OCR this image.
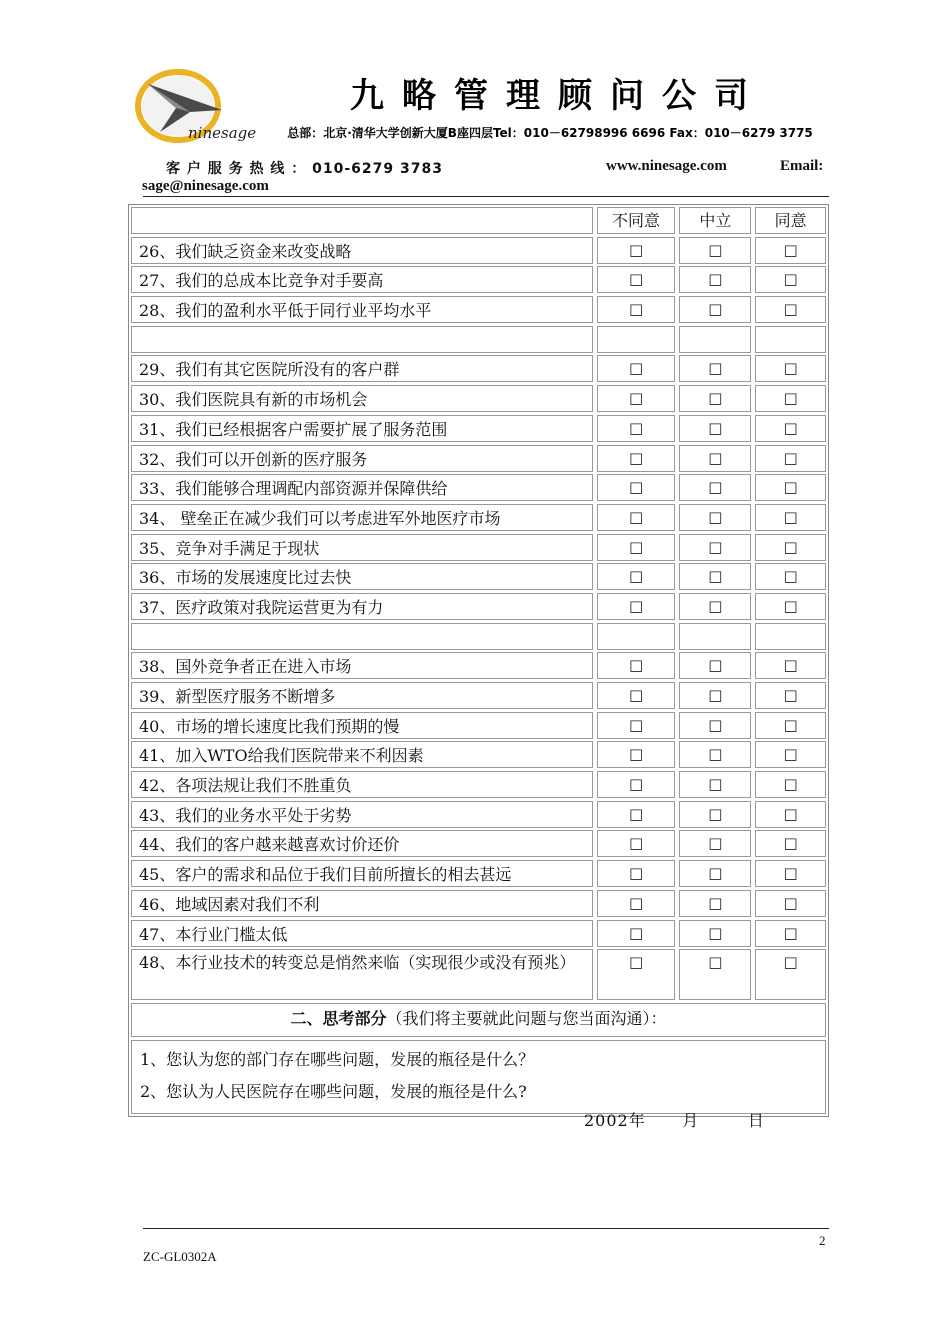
ninesage
九略管理顾问公司
总部：北京·清华大学创新大厦B座四层Tel：010－62798996 6696 Fax：010－6279 3775
客 户 服 务 热 线 ： 010-6279 3783	www.ninesage.com	Email:
sage@ninesage.com
不同意	中立	同意
26、我们缺乏资金来改变战略	□	□	□
27、我们的总成本比竞争对手要高	□	□	□
28、我们的盈利水平低于同行业平均水平	□	□	□
29、我们有其它医院所没有的客户群	□	□	□
30、我们医院具有新的市场机会	□	□	□
31、我们已经根据客户需要扩展了服务范围	□	□	□
32、我们可以开创新的医疗服务	□	□	□
33、我们能够合理调配内部资源并保障供给	□	□	□
34、 壁垒正在减少我们可以考虑进军外地医疗市场	□	□	□
35、竞争对手满足于现状	□	□	□
36、市场的发展速度比过去快	□	□	□
37、医疗政策对我院运营更为有力	□	□	□
38、国外竞争者正在进入市场	□	□	□
39、新型医疗服务不断增多	□	□	□
40、市场的增长速度比我们预期的慢	□	□	□
41、加入WTO给我们医院带来不利因素	□	□	□
42、各项法规让我们不胜重负	□	□	□
43、我们的业务水平处于劣势	□	□	□
44、我们的客户越来越喜欢讨价还价	□	□	□
45、客户的需求和品位于我们目前所擅长的相去甚远	□	□	□
46、地域因素对我们不利	□	□	□
47、本行业门槛太低	□	□	□
48、本行业技术的转变总是悄然来临（实现很少或没有预兆）	□	□	□
二、思考部分（我们将主要就此问题与您当面沟通）：
1、您认为您的部门存在哪些问题，发展的瓶径是什么？
2、您认为人民医院存在哪些问题，发展的瓶径是什么?
2002年      月        日
2
ZC-GL0302A
